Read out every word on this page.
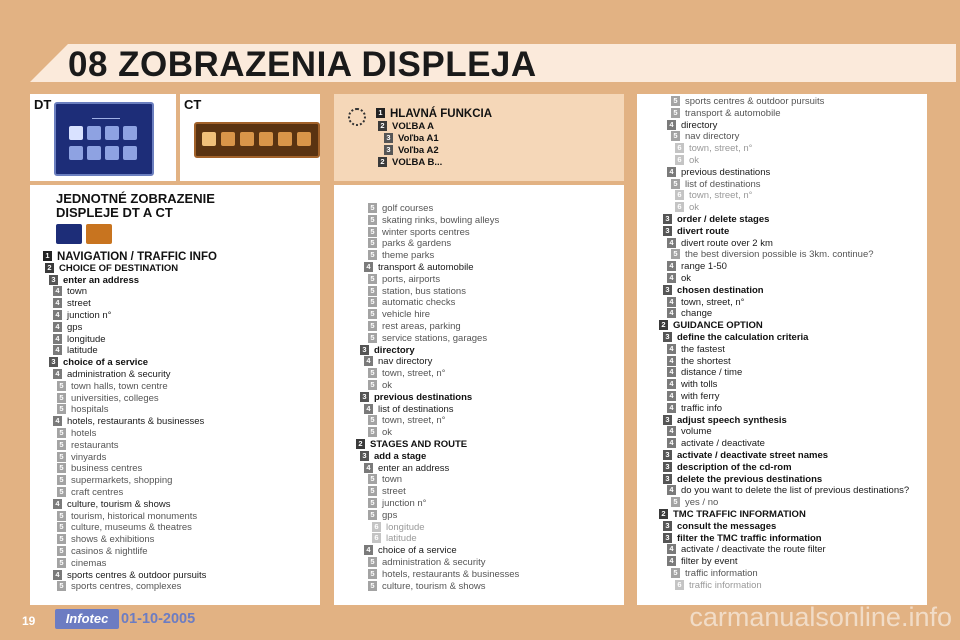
08 ZOBRAZENIA DISPLEJA
DT	CT
1 HLAVNÁ FUNKCIA
2 VOĽBA A
3 Voľba A1
3 Voľba A2
2 VOĽBA B...
JEDNOTNÉ ZOBRAZENIE
DISPLEJE DT A CT
1 NAVIGATION / TRAFFIC INFO
2 CHOICE OF DESTINATION
3 enter an address
4 town
4 street
4 junction n°
4 gps
4 longitude
4 latitude
3 choice of a service
4 administration & security
5 town halls, town centre
5 universities, colleges
5 hospitals
4 hotels, restaurants & businesses
5 hotels
5 restaurants
5 vinyards
5 business centres
5 supermarkets, shopping
5 craft centres
4 culture, tourism & shows
5 tourism, historical monuments
5 culture, museums & theatres
5 shows & exhibitions
5 casinos & nightlife
5 cinemas
4 sports centres & outdoor pursuits
5 sports centres, complexes
5 golf courses
5 skating rinks, bowling alleys
5 winter sports centres
5 parks & gardens
5 theme parks
4 transport & automobile
5 ports, airports
5 station, bus stations
5 automatic checks
5 vehicle hire
5 rest areas, parking
5 service stations, garages
3 directory
4 nav directory
5 town, street, n°
5 ok
3 previous destinations
4 list of destinations
5 town, street, n°
5 ok
2 STAGES AND ROUTE
3 add a stage
4 enter an address
5 town
5 street
5 junction n°
5 gps
6 longitude
6 latitude
4 choice of a service
5 administration & security
5 hotels, restaurants & businesses
5 culture, tourism & shows
5 sports centres & outdoor pursuits
5 transport & automobile
4 directory
5 nav directory
6 town, street, n°
6 ok
4 previous destinations
5 list of destinations
6 town, street, n°
6 ok
3 order / delete stages
3 divert route
4 divert route over 2 km
5 the best diversion possible is 3km. continue?
4 range 1-50
4 ok
3 chosen destination
4 town, street, n°
4 change
2 GUIDANCE OPTION
3 define the calculation criteria
4 the fastest
4 the shortest
4 distance / time
4 with tolls
4 with ferry
4 traffic info
3 adjust speech synthesis
4 volume
4 activate / deactivate
3 activate / deactivate street names
3 description of the cd-rom
3 delete the previous destinations
4 do you want to delete the list of previous destinations?
5 yes / no
2 TMC TRAFFIC INFORMATION
3 consult the messages
3 filter the TMC traffic information
4 activate / deactivate the route filter
4 filter by event
5 traffic information
6 traffic information
19	Infotec 01-10-2005	carmanualsonline.info
